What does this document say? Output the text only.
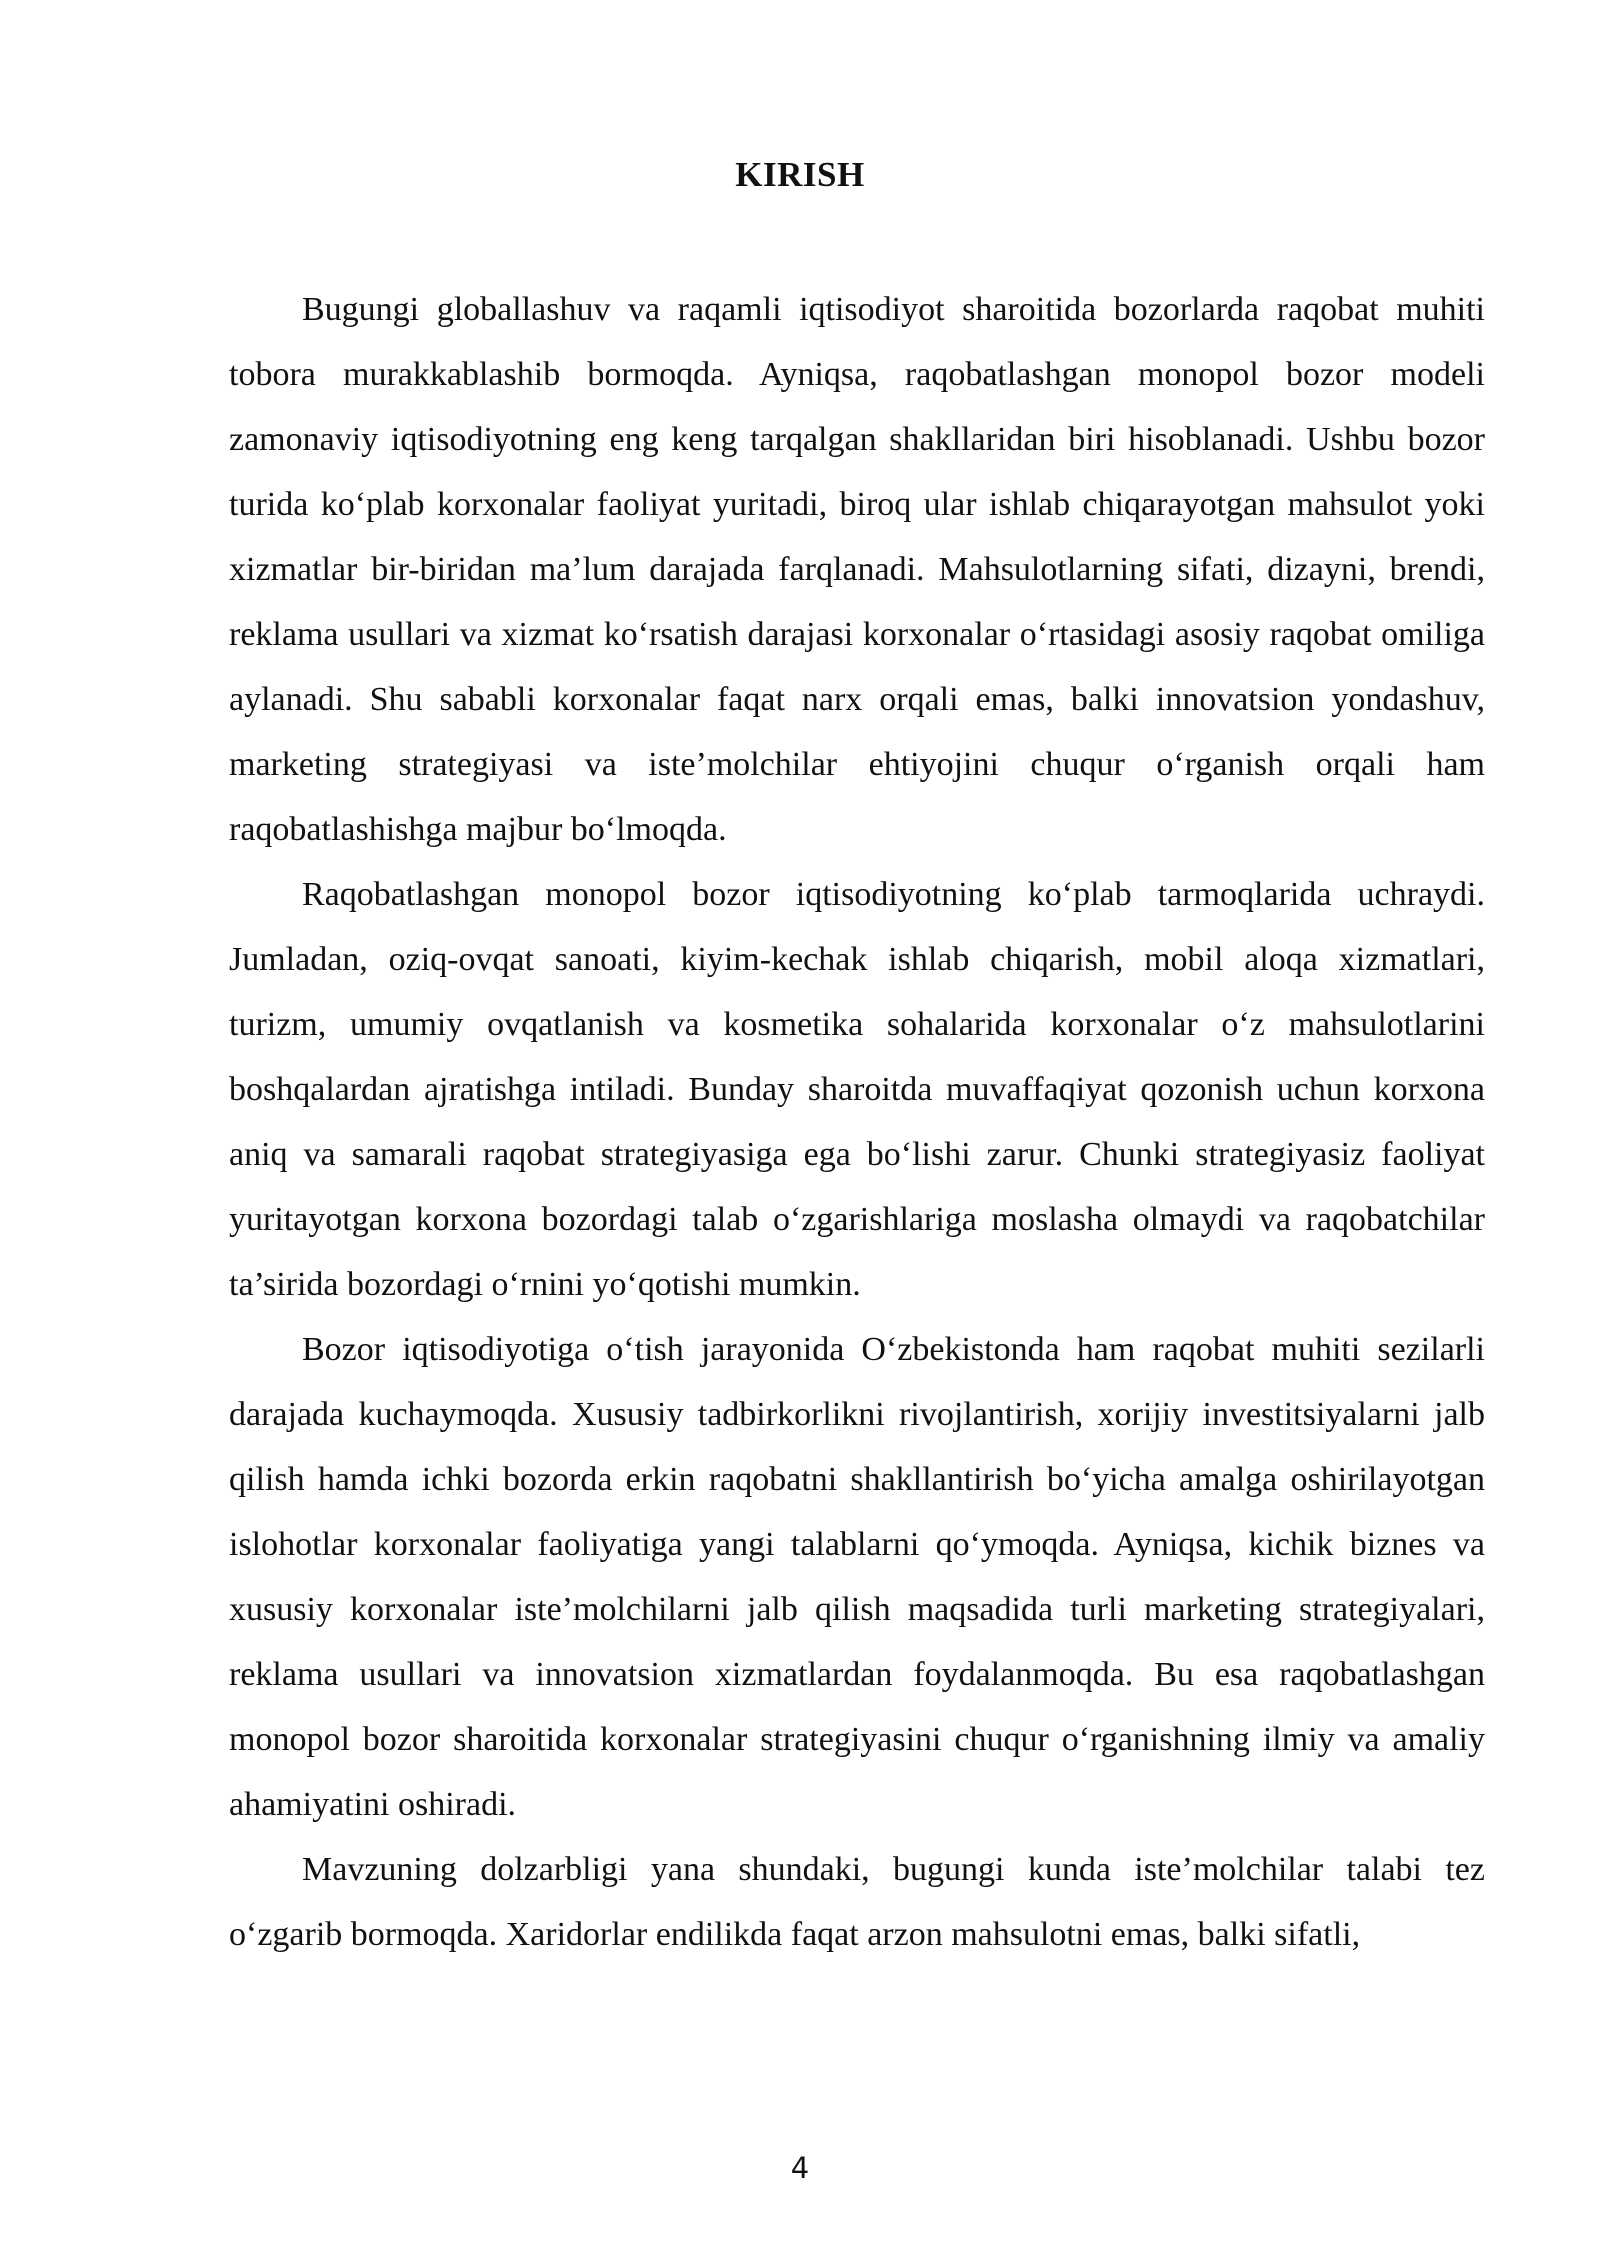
KIRISH

Bugungi globallashuv va raqamli iqtisodiyot sharoitida bozorlarda raqobat muhiti tobora murakkablashib bormoqda. Ayniqsa, raqobatlashgan monopol bozor modeli zamonaviy iqtisodiyotning eng keng tarqalgan shakllaridan biri hisoblanadi. Ushbu bozor turida ko‘plab korxonalar faoliyat yuritadi, biroq ular ishlab chiqarayotgan mahsulot yoki xizmatlar bir-biridan ma’lum darajada farqlanadi. Mahsulotlarning sifati, dizayni, brendi, reklama usullari va xizmat ko‘rsatish darajasi korxonalar o‘rtasidagi asosiy raqobat omiliga aylanadi. Shu sababli korxonalar faqat narx orqali emas, balki innovatsion yondashuv, marketing strategiyasi va iste’molchilar ehtiyojini chuqur o‘rganish orqali ham raqobatlashishga majbur bo‘lmoqda.

Raqobatlashgan monopol bozor iqtisodiyotning ko‘plab tarmoqlarida uchraydi. Jumladan, oziq-ovqat sanoati, kiyim-kechak ishlab chiqarish, mobil aloqa xizmatlari, turizm, umumiy ovqatlanish va kosmetika sohalarida korxonalar o‘z mahsulotlarini boshqalardan ajratishga intiladi. Bunday sharoitda muvaffaqiyat qozonish uchun korxona aniq va samarali raqobat strategiyasiga ega bo‘lishi zarur. Chunki strategiyasiz faoliyat yuritayotgan korxona bozordagi talab o‘zgarishlariga moslasha olmaydi va raqobatchilar ta’sirida bozordagi o‘rnini yo‘qotishi mumkin.

Bozor iqtisodiyotiga o‘tish jarayonida O‘zbekistonda ham raqobat muhiti sezilarli darajada kuchaymoqda. Xususiy tadbirkorlikni rivojlantirish, xorijiy investitsiyalarni jalb qilish hamda ichki bozorda erkin raqobatni shakllantirish bo‘yicha amalga oshirilayotgan islohotlar korxonalar faoliyatiga yangi talablarni qo‘ymoqda. Ayniqsa, kichik biznes va xususiy korxonalar iste’molchilarni jalb qilish maqsadida turli marketing strategiyalari, reklama usullari va innovatsion xizmatlardan foydalanmoqda. Bu esa raqobatlashgan monopol bozor sharoitida korxonalar strategiyasini chuqur o‘rganishning ilmiy va amaliy ahamiyatini oshiradi.

Mavzuning dolzarbligi yana shundaki, bugungi kunda iste’molchilar talabi tez o‘zgarib bormoqda. Xaridorlar endilikda faqat arzon mahsulotni emas, balki sifatli,

4
